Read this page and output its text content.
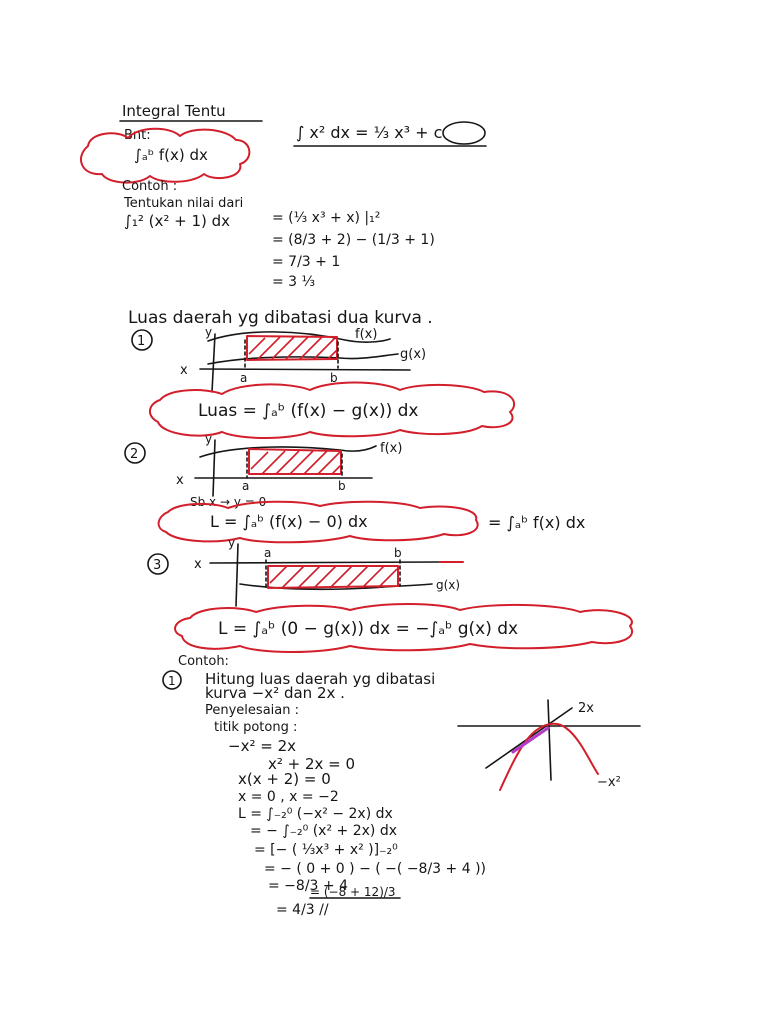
Integral Tentu
Bnt:
∫ₐᵇ f(x) dx
∫ x² dx = ⅓ x³ + c
Contoh :
Tentukan nilai dari
∫₁² (x² + 1) dx	= (⅓ x³ + x) |₁²
= (8/3 + 2) − (1/3 + 1)
= 7/3 + 1
= 3 ⅓
Luas daerah yg dibatasi dua kurva .
1
y
x	a	b
f(x)
g(x)
Luas = ∫ₐᵇ (f(x) − g(x)) dx
2
y
x	a	b
f(x)
Sb x → y = 0
L = ∫ₐᵇ (f(x) − 0) dx	= ∫ₐᵇ f(x) dx
3
y
x
a	b
g(x)
L = ∫ₐᵇ (0 − g(x)) dx = −∫ₐᵇ g(x) dx
Contoh:
1 Hitung luas daerah yg dibatasi
kurva −x² dan 2x .
Penyelesaian :
titik potong :
−x² = 2x
x² + 2x = 0
x(x + 2) = 0
x = 0 , x = −2
L = ∫₋₂⁰ (−x² − 2x) dx
= − ∫₋₂⁰ (x² + 2x) dx
= [− ( ⅓x³ + x² )]₋₂⁰
= − ( 0 + 0 ) − ( −( −8/3 + 4 ))
= −8/3 + 4
= (−8 + 12)/3
= 4/3 //
2x
−x²
